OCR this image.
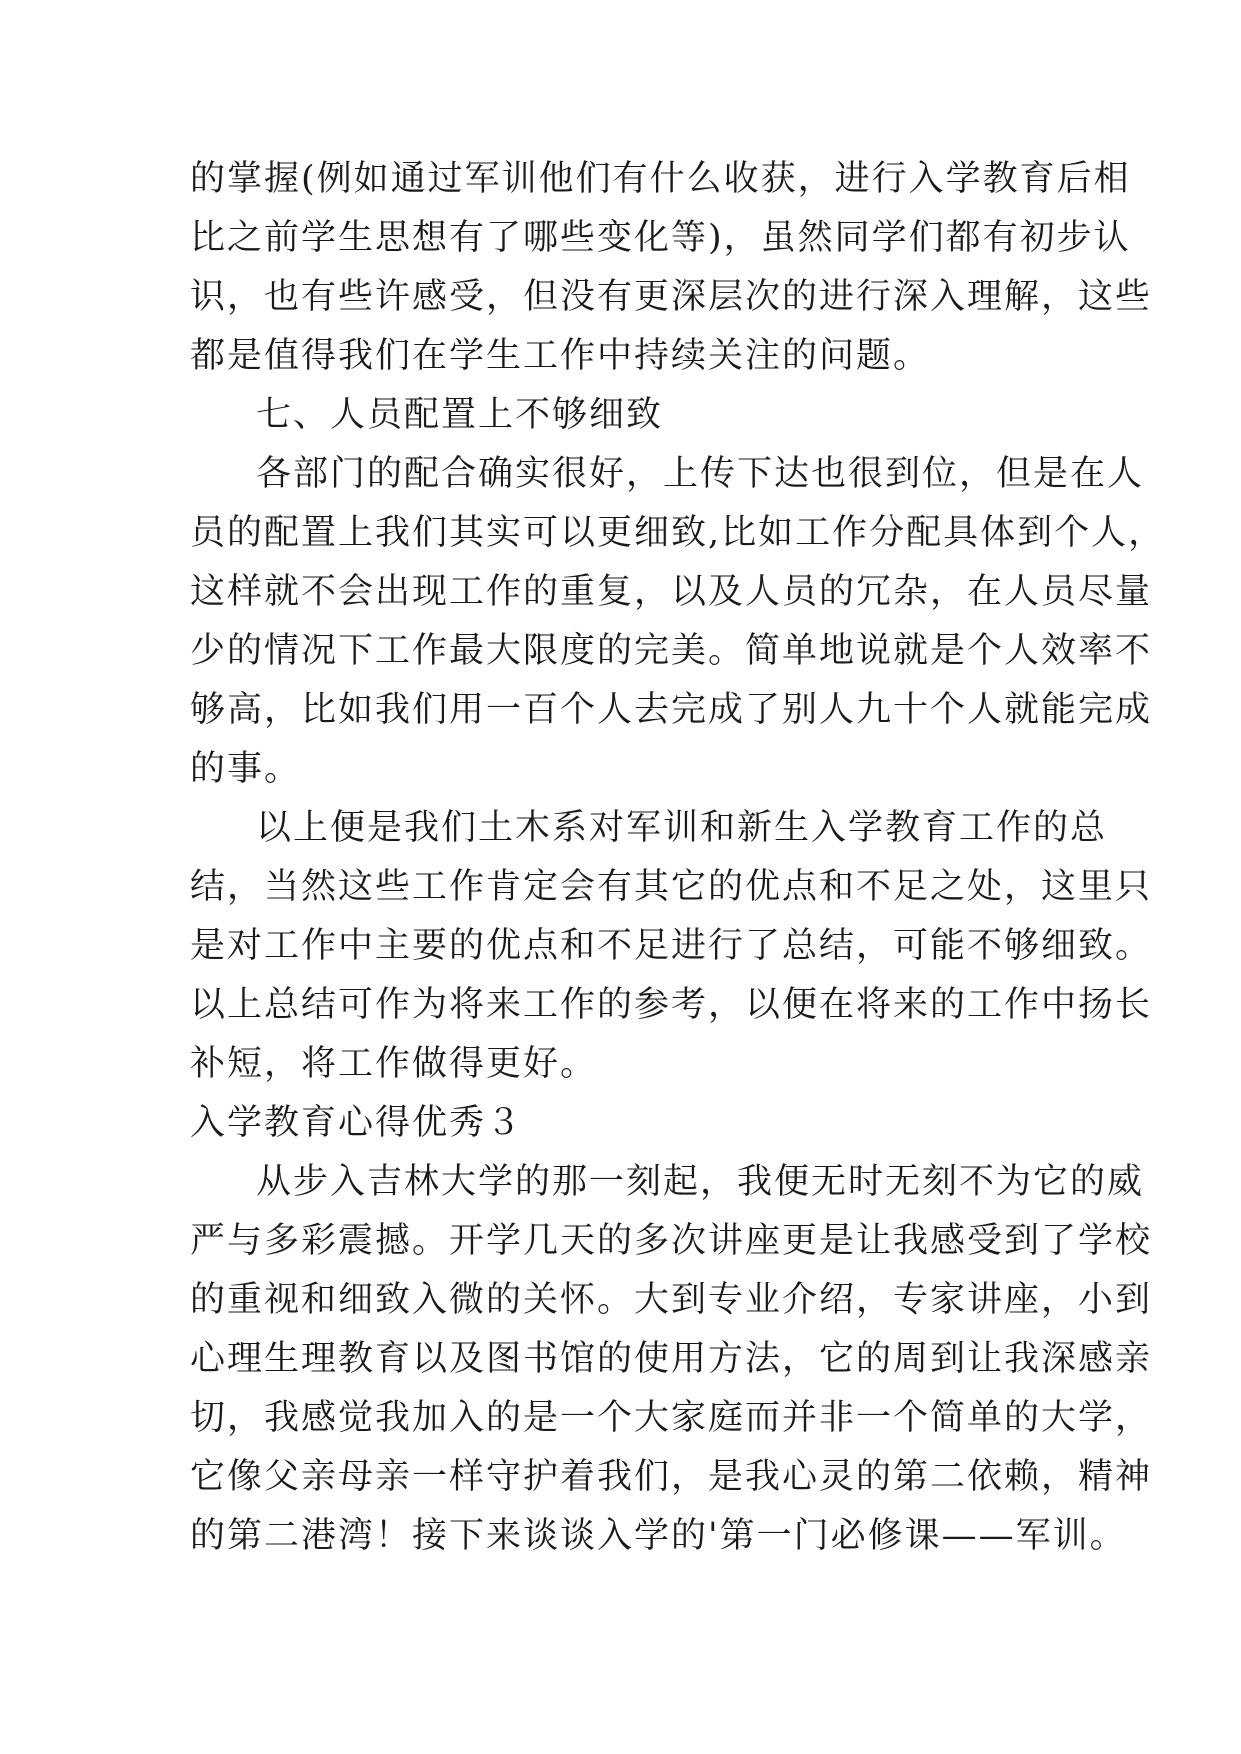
的掌握(例如通过军训他们有什么收获，进行入学教育后相
比之前学生思想有了哪些变化等)，虽然同学们都有初步认
识，也有些许感受，但没有更深层次的进行深入理解，这些
都是值得我们在学生工作中持续关注的问题。
七、人员配置上不够细致
各部门的配合确实很好，上传下达也很到位，但是在人
员的配置上我们其实可以更细致,比如工作分配具体到个人，
这样就不会出现工作的重复，以及人员的冗杂，在人员尽量
少的情况下工作最大限度的完美。简单地说就是个人效率不
够高，比如我们用一百个人去完成了别人九十个人就能完成
的事。
以上便是我们土木系对军训和新生入学教育工作的总
结，当然这些工作肯定会有其它的优点和不足之处，这里只
是对工作中主要的优点和不足进行了总结，可能不够细致。
以上总结可作为将来工作的参考，以便在将来的工作中扬长
补短，将工作做得更好。
入学教育心得优秀３
从步入吉林大学的那一刻起，我便无时无刻不为它的威
严与多彩震撼。开学几天的多次讲座更是让我感受到了学校
的重视和细致入微的关怀。大到专业介绍，专家讲座，小到
心理生理教育以及图书馆的使用方法，它的周到让我深感亲
切，我感觉我加入的是一个大家庭而并非一个简单的大学，
它像父亲母亲一样守护着我们，是我心灵的第二依赖，精神
的第二港湾！接下来谈谈入学的'第一门必修课——军训。
